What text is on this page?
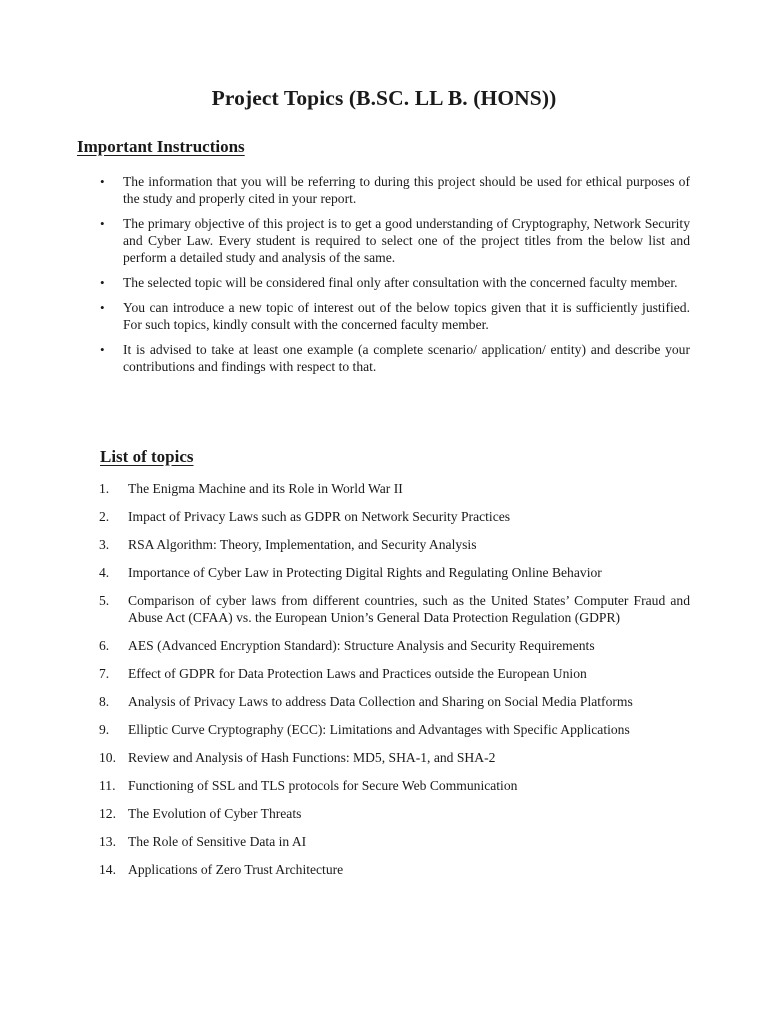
Project Topics (B.SC. LL B. (HONS))
Important Instructions
• The information that you will be referring to during this project should be used for ethical purposes of the study and properly cited in your report.
• The primary objective of this project is to get a good understanding of Cryptography, Network Security and Cyber Law. Every student is required to select one of the project titles from the below list and perform a detailed study and analysis of the same.
• The selected topic will be considered final only after consultation with the concerned faculty member.
• You can introduce a new topic of interest out of the below topics given that it is sufficiently justified. For such topics, kindly consult with the concerned faculty member.
• It is advised to take at least one example (a complete scenario/ application/ entity) and describe your contributions and findings with respect to that.
List of topics
1. The Enigma Machine and its Role in World War II
2. Impact of Privacy Laws such as GDPR on Network Security Practices
3. RSA Algorithm: Theory, Implementation, and Security Analysis
4. Importance of Cyber Law in Protecting Digital Rights and Regulating Online Behavior
5. Comparison of cyber laws from different countries, such as the United States’ Computer Fraud and Abuse Act (CFAA) vs. the European Union’s General Data Protection Regulation (GDPR)
6. AES (Advanced Encryption Standard): Structure Analysis and Security Requirements
7. Effect of GDPR for Data Protection Laws and Practices outside the European Union
8. Analysis of Privacy Laws to address Data Collection and Sharing on Social Media Platforms
9. Elliptic Curve Cryptography (ECC): Limitations and Advantages with Specific Applications
10. Review and Analysis of Hash Functions: MD5, SHA-1, and SHA-2
11. Functioning of SSL and TLS protocols for Secure Web Communication
12. The Evolution of Cyber Threats
13. The Role of Sensitive Data in AI
14. Applications of Zero Trust Architecture
